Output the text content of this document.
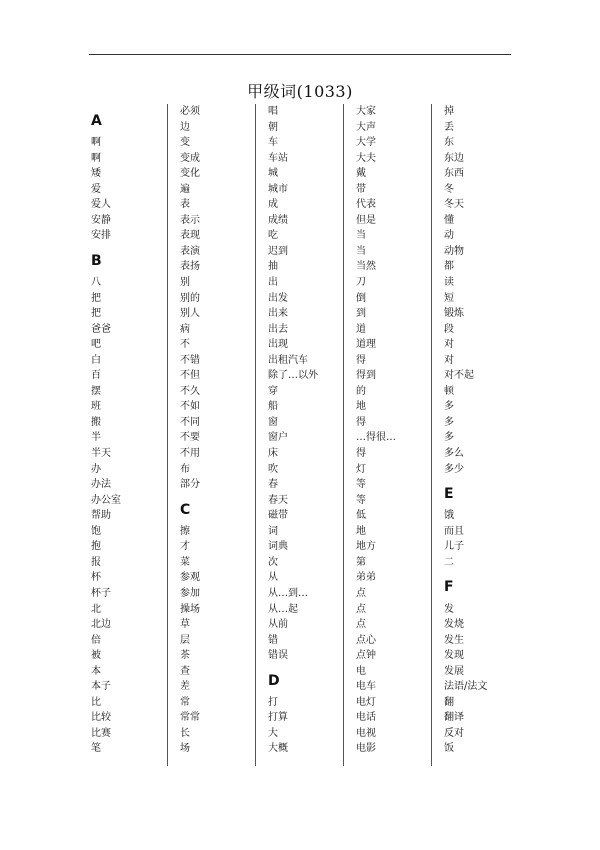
甲级词(1033)
A
啊
啊
矮
爱
爱人
安静
安排
B
八
把
把
爸爸
吧
白
百
摆
班
搬
半
半天
办
办法
办公室
帮助
饱
抱
报
杯
杯子
北
北边
倍
被
本
本子
比
比较
比赛
笔
必须
边
变
变成
变化
遍
表
表示
表现
表演
表扬
别
别的
别人
病
不
不错
不但
不久
不如
不同
不要
不用
布
部分
C
擦
才
菜
参观
参加
操场
草
层
茶
查
差
常
常常
长
场
唱
朝
车
车站
城
城市
成
成绩
吃
迟到
抽
出
出发
出来
出去
出现
出租汽车
除了…以外
穿
船
窗
窗户
床
吹
春
春天
磁带
词
词典
次
从
从…到…
从…起
从前
错
错误
D
打
打算
大
大概
大家
大声
大学
大夫
戴
带
代表
但是
当
当
当然
刀
倒
到
道
道理
得
得到
的
地
得
…得很…
得
灯
等
等
低
地
地方
第
弟弟
点
点
点
点心
点钟
电
电车
电灯
电话
电视
电影
掉
丢
东
东边
东西
冬
冬天
懂
动
动物
都
读
短
锻炼
段
对
对
对不起
顿
多
多
多
多么
多少
E
饿
而且
儿子
二
F
发
发烧
发生
发现
发展
法语/法文
翻
翻译
反对
饭
